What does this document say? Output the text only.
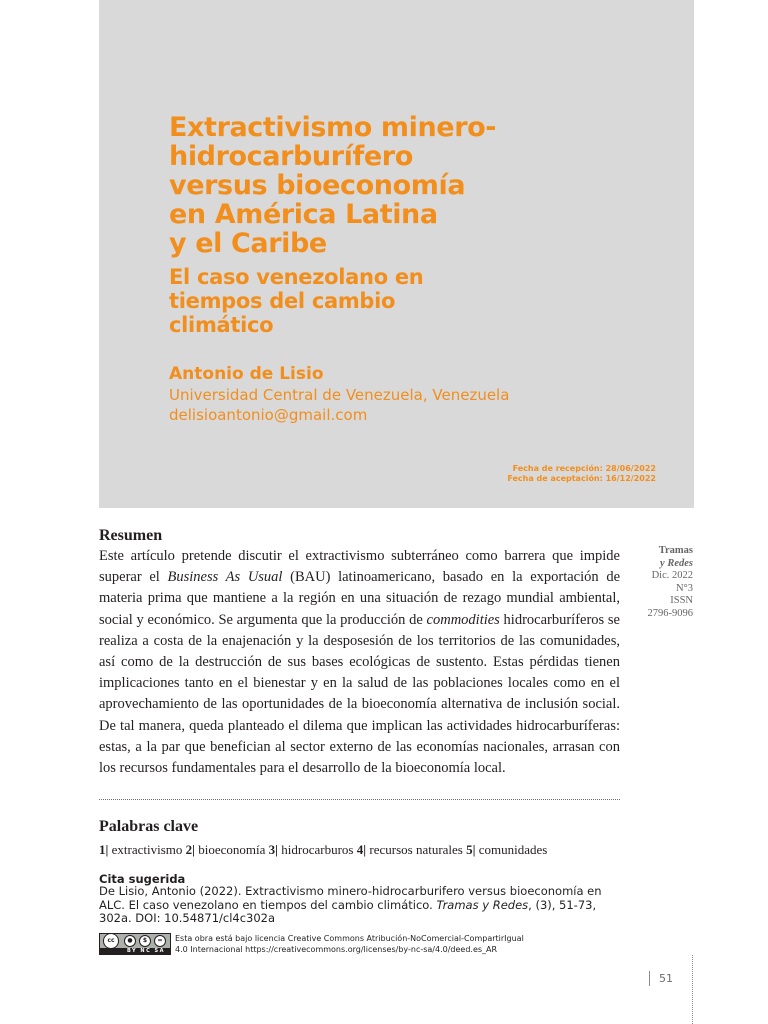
Extractivismo minero-
hidrocarburífero
versus bioeconomía
en América Latina
y el Caribe
El caso venezolano en
tiempos del cambio
climático
Antonio de Lisio
Universidad Central de Venezuela, Venezuela
delisioantonio@gmail.com
Fecha de recepción: 28/06/2022
Fecha de aceptación: 16/12/2022
Resumen
Este artículo pretende discutir el extractivismo subterráneo como barrera que impide superar el Business As Usual (BAU) latinoamericano, basado en la exportación de materia prima que mantiene a la región en una situación de rezago mundial ambiental, social y económico. Se argumenta que la producción de commodities hidrocarburíferos se realiza a costa de la enajenación y la desposesión de los territorios de las comunidades, así como de la destrucción de sus bases ecológicas de sustento. Estas pérdidas tienen implicaciones tanto en el bienestar y en la salud de las poblaciones locales como en el aprovechamiento de las oportunidades de la bioeconomía alternativa de inclusión social. De tal manera, queda planteado el dilema que implican las actividades hidrocarburíferas: estas, a la par que benefician al sector externo de las economías nacionales, arrasan con los recursos fundamentales para el desarrollo de la bioeconomía local.
Tramas
y Redes
Dic. 2022
N°3
ISSN
2796-9096
Palabras clave
1| extractivismo 2| bioeconomía 3| hidrocarburos 4| recursos naturales 5| comunidades
Cita sugerida
De Lisio, Antonio (2022). Extractivismo minero-hidrocarburifero versus bioeconomía en ALC. El caso venezolano en tiempos del cambio climático. Tramas y Redes, (3), 51-73, 302a. DOI: 10.54871/cl4c302a
cc	●	$	=
BY NC SA
Esta obra está bajo licencia Creative Commons Atribución-NoComercial-CompartirIgual
4.0 Internacional https://creativecommons.org/licenses/by-nc-sa/4.0/deed.es_AR
51
